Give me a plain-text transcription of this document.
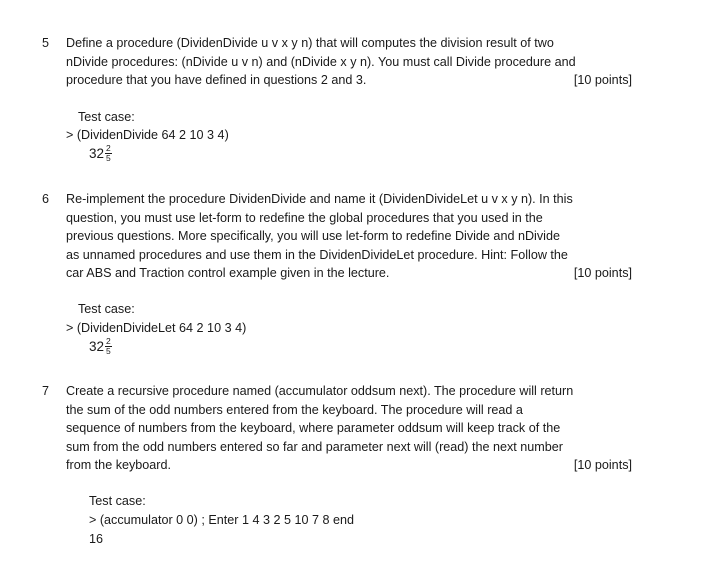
5 Define a procedure (DividenDivide u v x y n) that will computes the division result of two
nDivide procedures: (nDivide u v n) and (nDivide x y n). You must call Divide procedure and
procedure that you have defined in questions 2 and 3.	[10 points]
Test case:
> (DividenDivide 64 2 10 3 4)
$32 \frac{2}{5}$
6 Re-implement the procedure DividenDivide and name it (DividenDivideLet u v x y n). In this
question, you must use let-form to redefine the global procedures that you used in the
previous questions. More specifically, you will use let-form to redefine Divide and nDivide
as unnamed procedures and use them in the DividenDivideLet procedure. Hint: Follow the
car ABS and Traction control example given in the lecture.	[10 points]
Test case:
> (DividenDivideLet 64 2 10 3 4)
$32 \frac{2}{5}$
7 Create a recursive procedure named (accumulator oddsum next). The procedure will return
the sum of the odd numbers entered from the keyboard. The procedure will read a
sequence of numbers from the keyboard, where parameter oddsum will keep track of the
sum from the odd numbers entered so far and parameter next will (read) the next number
from the keyboard.	[10 points]
Test case:
> (accumulator 0 0) ; Enter 1 4 3 2 5 10 7 8 end
16
